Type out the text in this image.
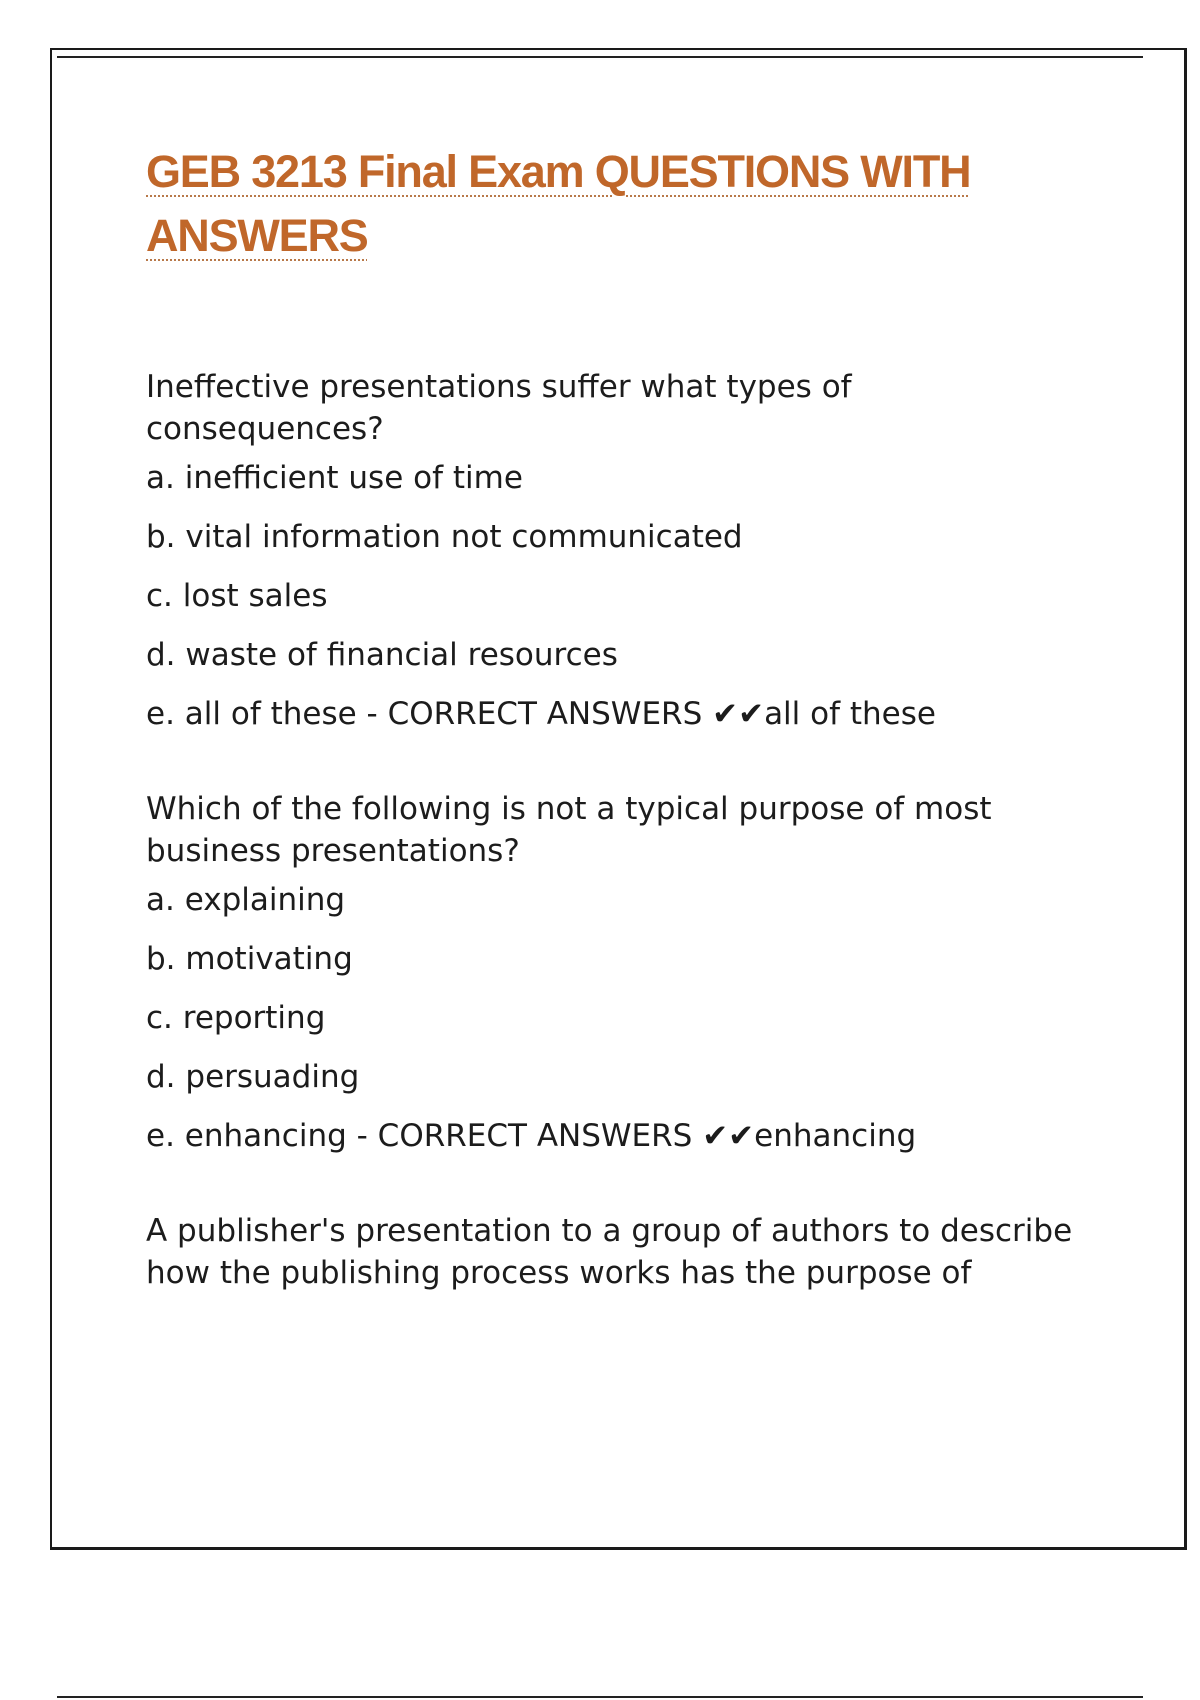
GEB 3213 Final Exam QUESTIONS WITH ANSWERS

Ineffective presentations suffer what types of consequences?

a. inefficient use of time
b. vital information not communicated
c. lost sales
d. waste of financial resources
e. all of these - CORRECT ANSWERS ✔✔all of these

Which of the following is not a typical purpose of most business presentations?

a. explaining
b. motivating
c. reporting
d. persuading
e. enhancing - CORRECT ANSWERS ✔✔enhancing

A publisher's presentation to a group of authors to describe how the publishing process works has the purpose of
